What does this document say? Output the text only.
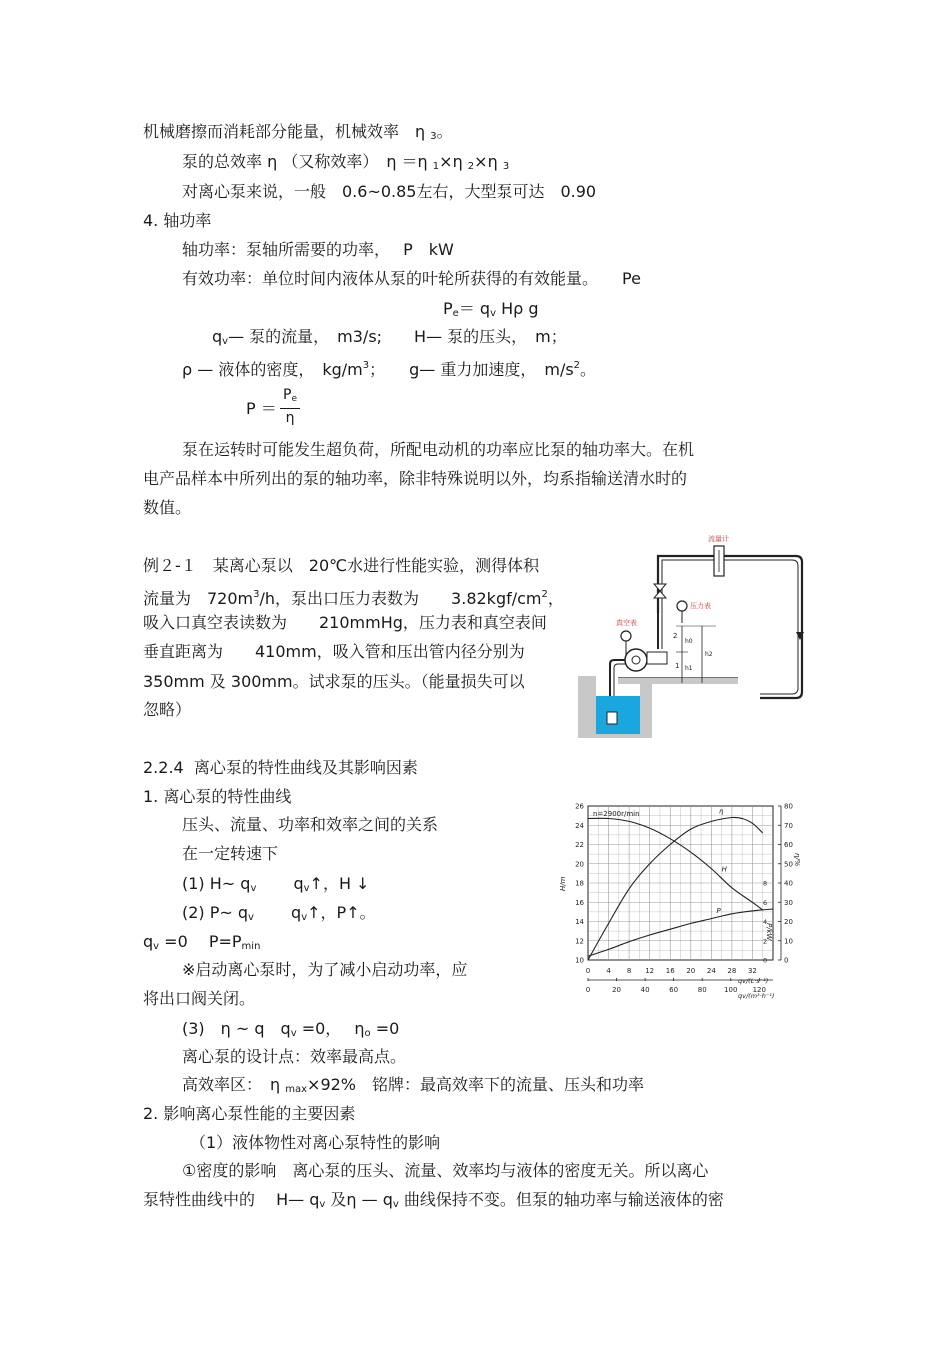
机械磨擦而消耗部分能量，机械效率　η $_3$。
泵的总效率 η （又称效率）　η ＝η $_1$×η $_2$×η $_3$
对离心泵来说，一般　0.6~0.85左右，大型泵可达　0.90
4. 轴功率
轴功率：泵轴所需要的功率，　 P　kW
有效功率：单位时间内液体从泵的叶轮所获得的有效能量。　　Pe
$P_e= q_v$ Hρ g
$q_v—$ 泵的流量，　m3/s;　　H— 泵的压头，　m；
ρ — 液体的密度，　$kg/m^3$；　　g— 重力加速度，　$m/s^2$。
P ＝
$P_e$
η
泵在运转时可能发生超负荷，所配电动机的功率应比泵的轴功率大。在机
电产品样本中所列出的泵的轴功率，除非特殊说明以外，均系指输送清水时的
数值。
例２-１　某离心泵以　20℃水进行性能实验，测得体积
流量为　$720m^3/h$，泵出口压力表数为　　$3.82kgf/cm^2$，
吸入口真空表读数为　　210mmHg，压力表和真空表间
垂直距离为　　410mm，吸入管和压出管内径分别为
350mm 及 300mm。试求泵的压头。（能量损失可以
忽略）
流量计
压力表
真空表
2
1
h0
h1
h2
2.2.4  离心泵的特性曲线及其影响因素
1. 离心泵的特性曲线
压头、流量、功率和效率之间的关系
在一定转速下
(1) H~ $q_v$　　 $q_v↑$，H ↓
(2) P~ $q_v$　　 $q_v↑$，P↑。
$q_v =0$　 $P=P_{min}$
※启动离心泵时，为了减小启动功率，应
将出口阀关闭。
(3)　η ~ q　$q_v =0$，　 $\eta_o =0$
离心泵的设计点：效率最高点。
高效率区：　η $_{max}$×92%　铭牌：最高效率下的流量、压头和功率
2. 影响离心泵性能的主要因素
（1）液体物性对离心泵特性的影响
①密度的影响　离心泵的压头、流量、效率均与液体的密度无关。所以离心
泵特性曲线中的　 H— $q_v$ 及η — $q_v$ 曲线保持不变。但泵的轴功率与输送液体的密
n=2900r/min
H
η
P
10
12
14
16
18
20
22
24
26
0
10
20
30
40
50
60
70
80
0
2
4
6
8
0 4 8 12 16 20 24 28 32
0	20	40	60	80 100 120
H/m
η/%
P/kW
qv/(L·s⁻¹)
qv/(m³·h⁻¹)
